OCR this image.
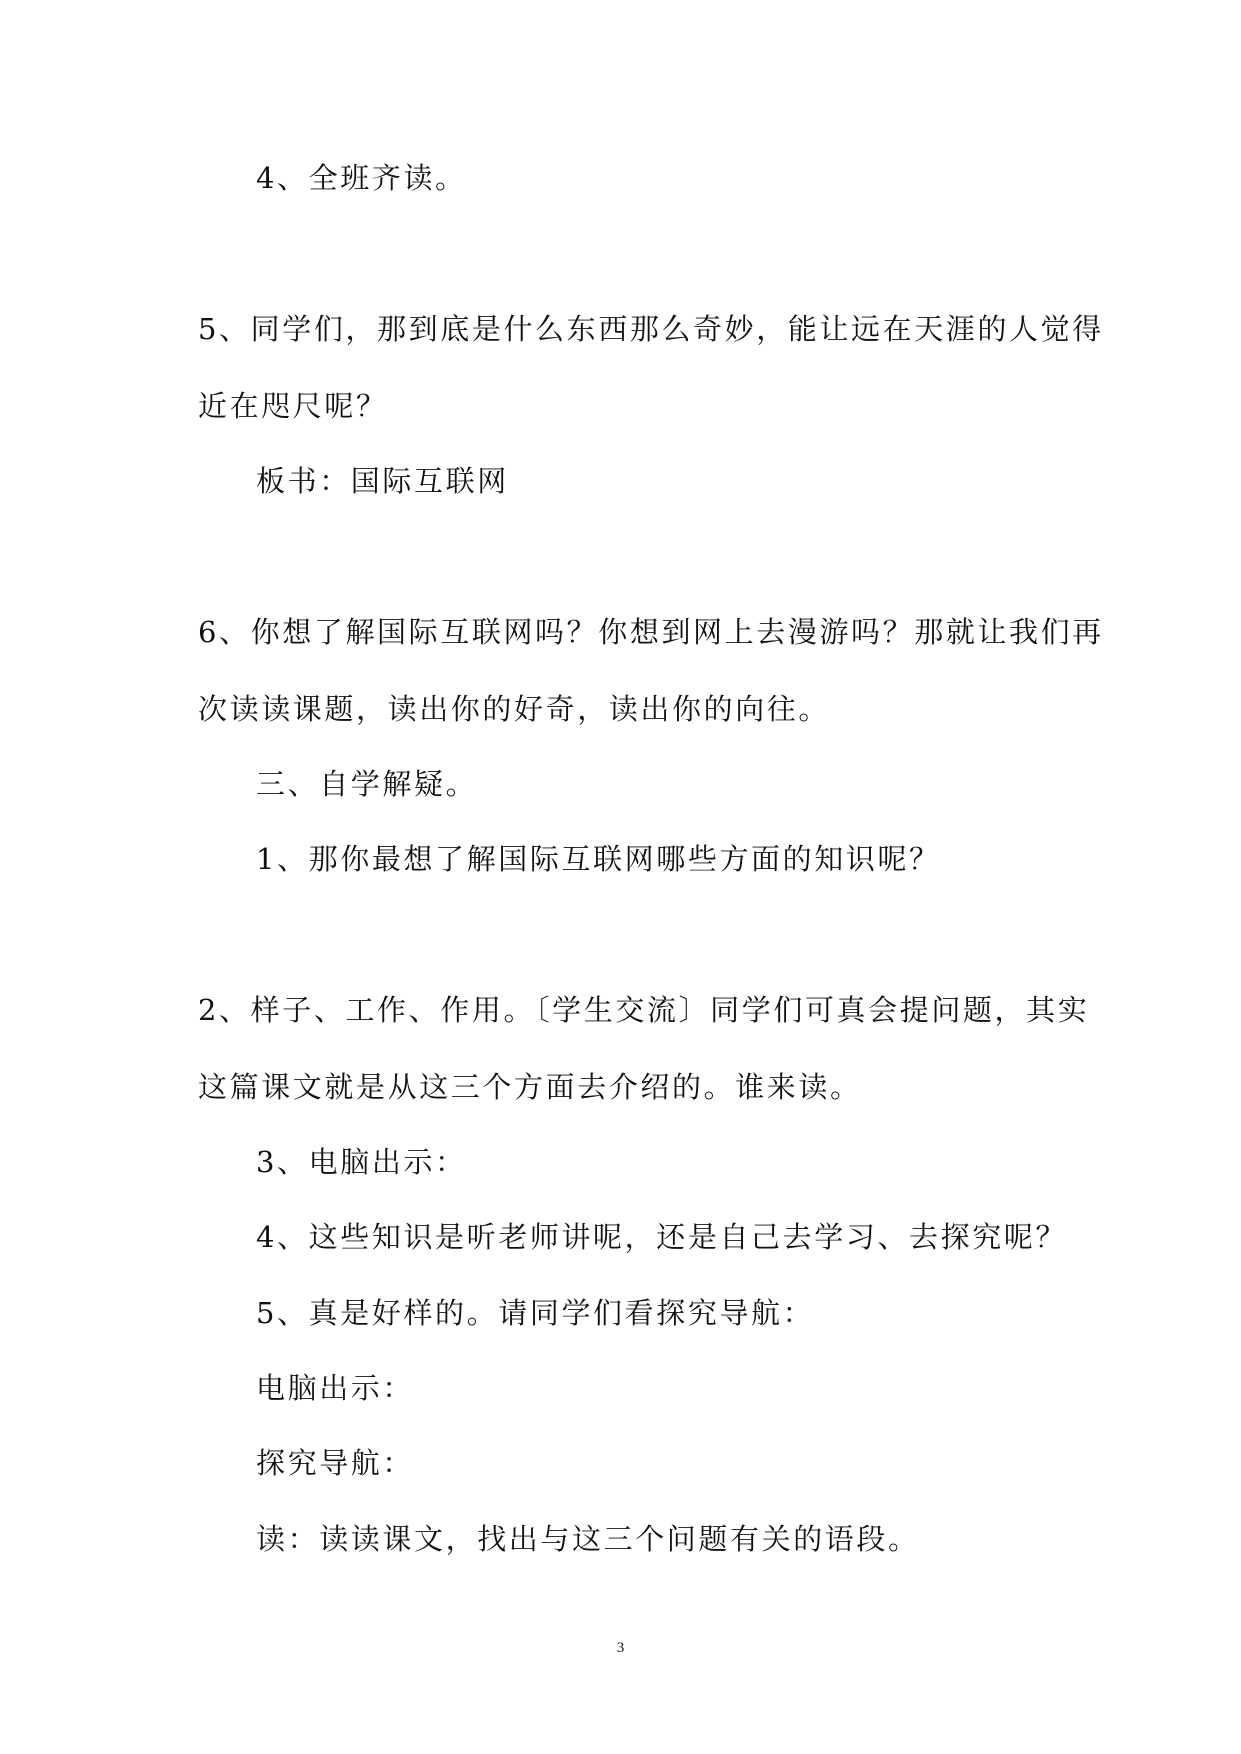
4、全班齐读。
5、同学们，那到底是什么东西那么奇妙，能让远在天涯的人觉得
近在咫尺呢？
板书：国际互联网
6、你想了解国际互联网吗？你想到网上去漫游吗？那就让我们再
次读读课题，读出你的好奇，读出你的向往。
三、自学解疑。
1、那你最想了解国际互联网哪些方面的知识呢？
2、样子、工作、作用。〔学生交流〕同学们可真会提问题，其实
这篇课文就是从这三个方面去介绍的。谁来读。
3、电脑出示：
4、这些知识是听老师讲呢，还是自己去学习、去探究呢？
5、真是好样的。请同学们看探究导航：
电脑出示：
探究导航：
读：读读课文，找出与这三个问题有关的语段。
3
